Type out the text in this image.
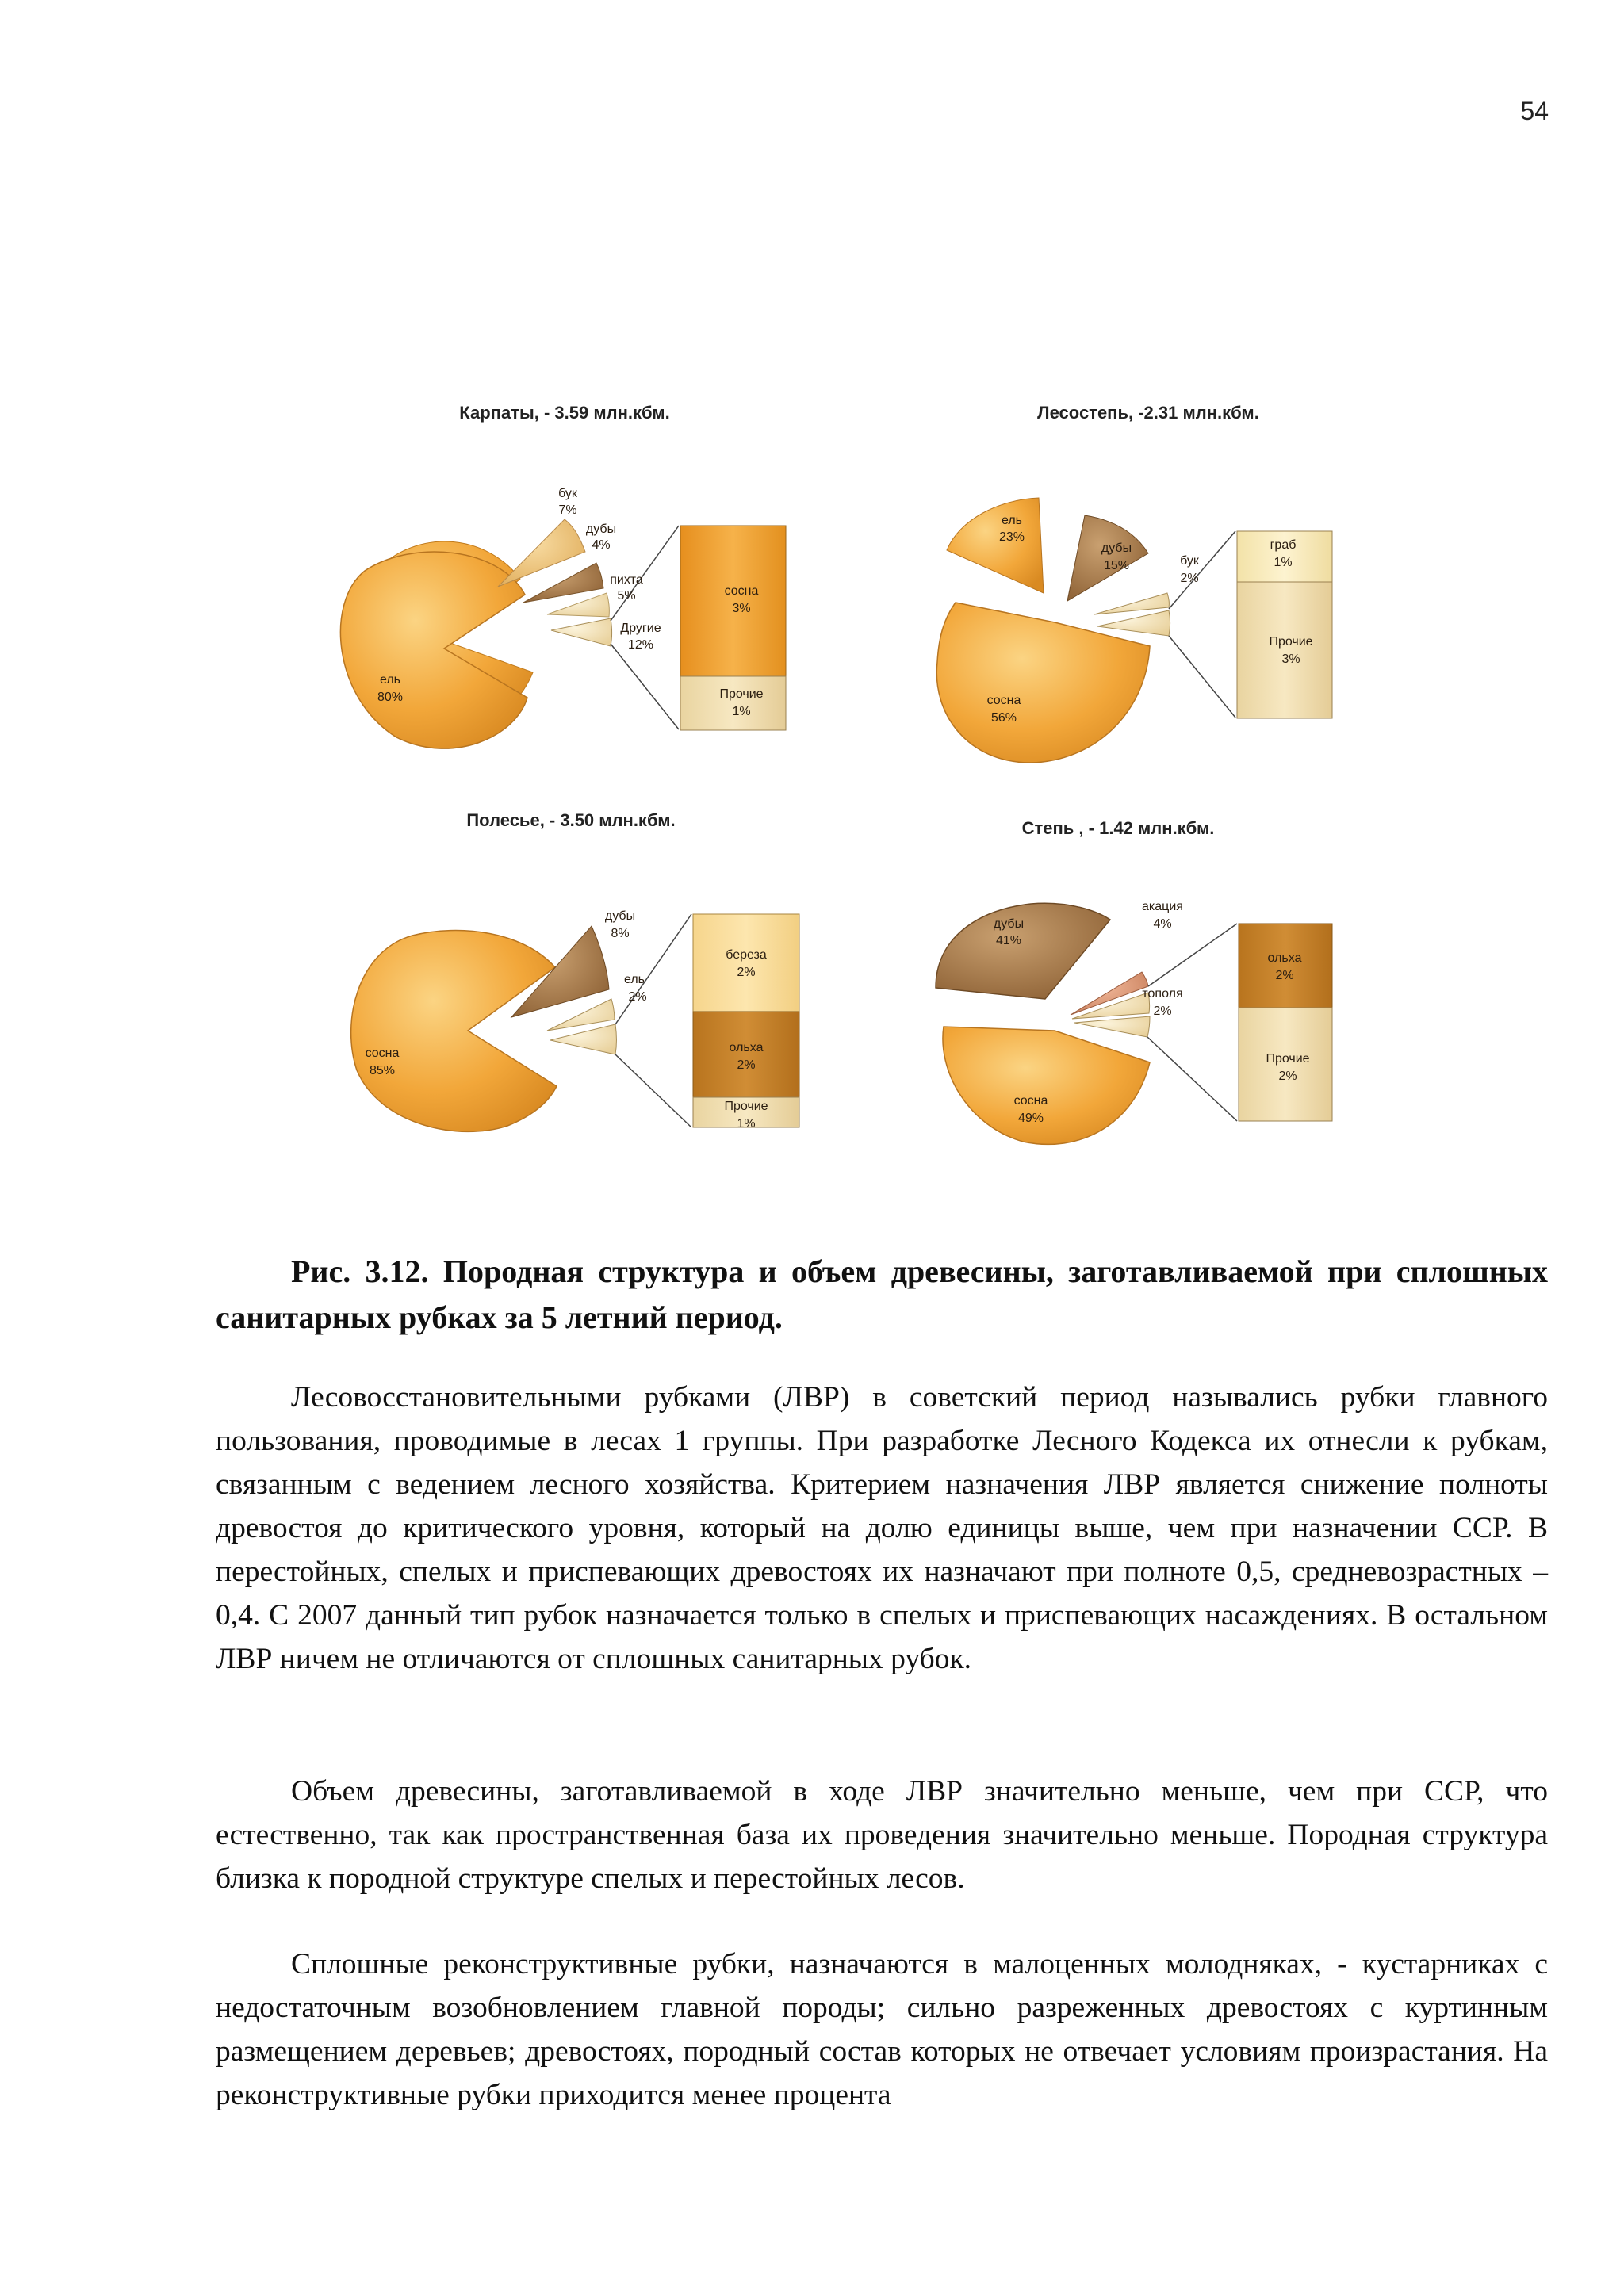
54
Карпаты, - 3.59 млн.кбм.
бук
7%
дубы
4%
пихта
5%
Другие
12%
ель
80%
сосна
3%
Прочие
1%
Лесостепь, -2.31 млн.кбм.
ель
23%
дубы
15%	бук
2%
сосна
56%
граб
1%
Прочие
3%
Полесье, - 3.50 млн.кбм.
дубы
8%
ель
2%
сосна
85%
береза
2%
ольха
2%
Прочие
1%
Степь , - 1.42 млн.кбм.
дубы
41%
акация
4%
тополя
2%
сосна
49%
ольха
2%
Прочие
2%
Рис. 3.12. Породная структура и объем древесины, заготавливаемой при сплошных санитарных рубках за 5 летний период.
Лесовосстановительными рубками (ЛВР) в советский период назывались рубки главного пользования, проводимые в лесах 1 группы. При разработке Лесного Кодекса их отнесли к рубкам, связанным с ведением лесного хозяйства. Критерием назначения ЛВР является снижение полноты древостоя до критического уровня, который на долю единицы выше, чем при назначении ССР. В перестойных, спелых и приспевающих древостоях их назначают при полноте 0,5, средневозрастных – 0,4. С 2007 данный тип рубок назначается только в спелых и приспевающих насаждениях. В остальном ЛВР ничем не отличаются от сплошных санитарных рубок.
Объем древесины, заготавливаемой в ходе ЛВР значительно меньше, чем при ССР, что естественно, так как пространственная база их проведения значительно меньше. Породная структура близка к породной структуре спелых и перестойных лесов.
Сплошные реконструктивные рубки, назначаются в малоценных молодняках, - кустарниках с недостаточным возобновлением главной породы; сильно разреженных древостоях с куртинным размещением деревьев; древостоях, породный состав которых не отвечает условиям произрастания. На реконструктивные рубки приходится менее процента
